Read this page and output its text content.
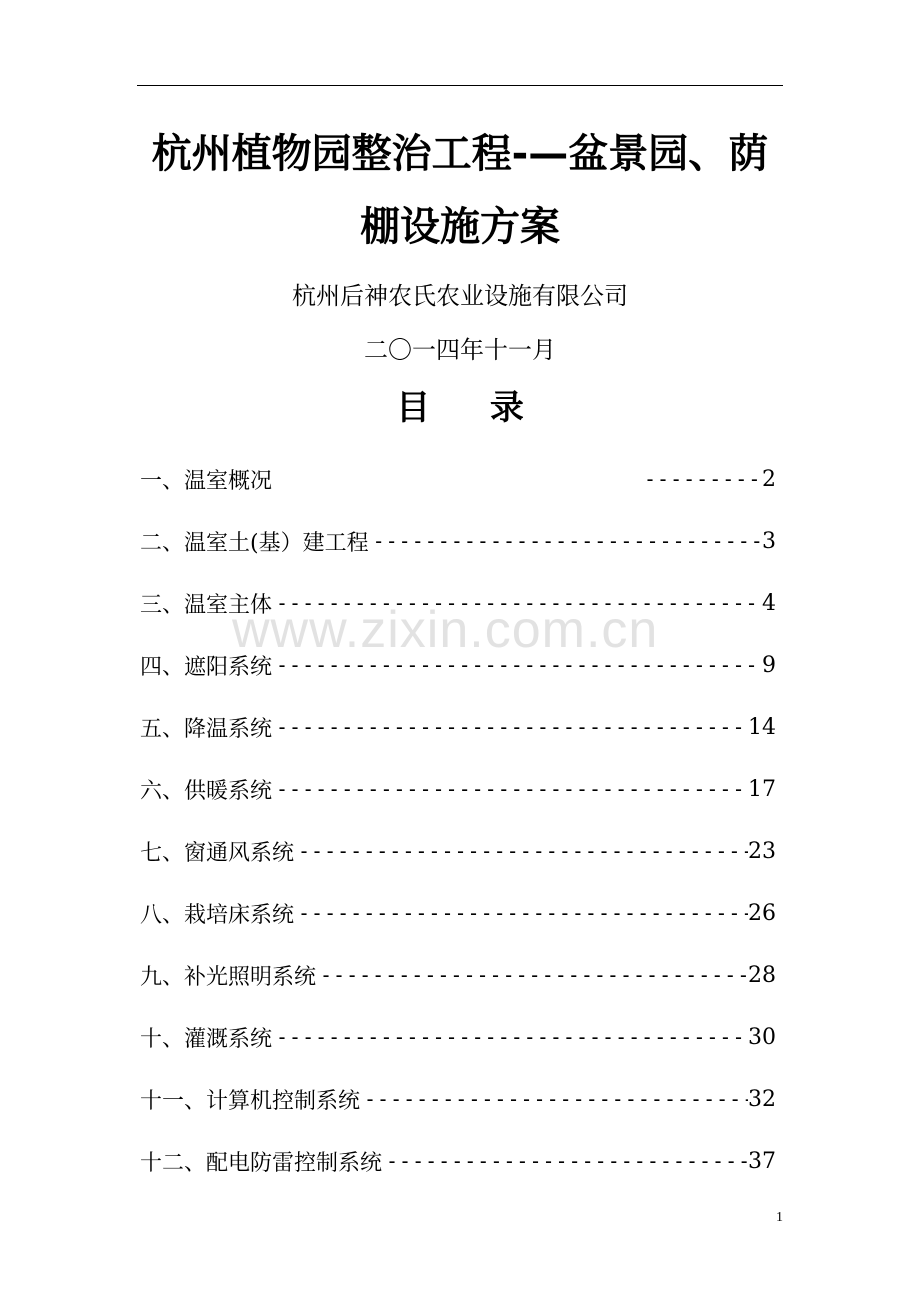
杭州植物园整治工程-—盆景园、荫
棚设施方案
杭州后神农氏农业设施有限公司
二〇一四年十一月
目 录
一、温室概况 -----	2
二、温室土(基）建工程 -----	3
三、温室主体 -----	4
四、遮阳系统 -----	9
五、降温系统 -----	14
六、供暖系统 -----	17
七、窗通风系统 -----	23
八、栽培床系统 -----	26
九、补光照明系统 -----	28
十、灌溉系统 -----	30
十一、计算机控制系统 -----	32
十二、配电防雷控制系统 -----	37
www.zixin.com.cn
1
